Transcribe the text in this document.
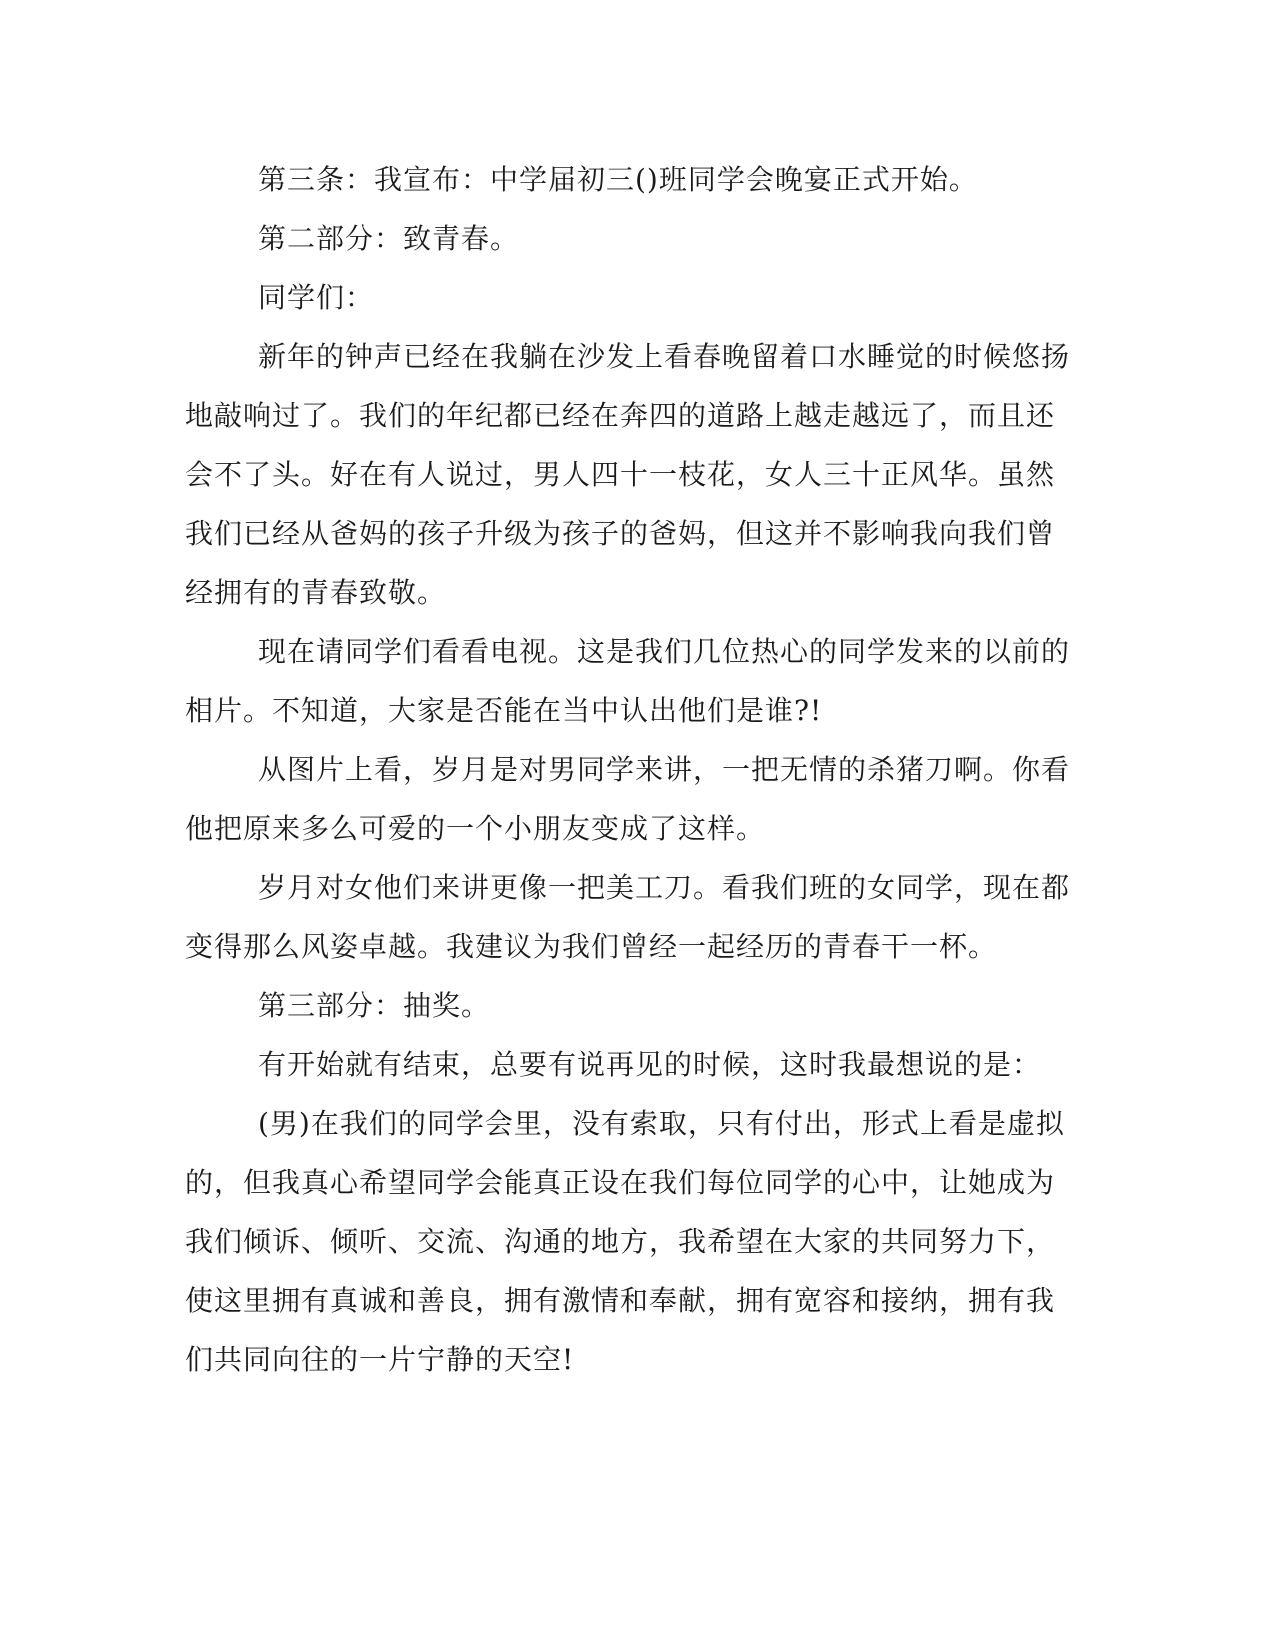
第三条：我宣布：中学届初三()班同学会晚宴正式开始。
第二部分：致青春。
同学们：
新年的钟声已经在我躺在沙发上看春晚留着口水睡觉的时候悠扬
地敲响过了。我们的年纪都已经在奔四的道路上越走越远了，而且还
会不了头。好在有人说过，男人四十一枝花，女人三十正风华。虽然
我们已经从爸妈的孩子升级为孩子的爸妈，但这并不影响我向我们曾
经拥有的青春致敬。
现在请同学们看看电视。这是我们几位热心的同学发来的以前的
相片。不知道，大家是否能在当中认出他们是谁?!
从图片上看，岁月是对男同学来讲，一把无情的杀猪刀啊。你看
他把原来多么可爱的一个小朋友变成了这样。
岁月对女他们来讲更像一把美工刀。看我们班的女同学，现在都
变得那么风姿卓越。我建议为我们曾经一起经历的青春干一杯。
第三部分：抽奖。
有开始就有结束，总要有说再见的时候，这时我最想说的是：
(男)在我们的同学会里，没有索取，只有付出，形式上看是虚拟
的，但我真心希望同学会能真正设在我们每位同学的心中，让她成为
我们倾诉、倾听、交流、沟通的地方，我希望在大家的共同努力下，
使这里拥有真诚和善良，拥有激情和奉献，拥有宽容和接纳，拥有我
们共同向往的一片宁静的天空!
